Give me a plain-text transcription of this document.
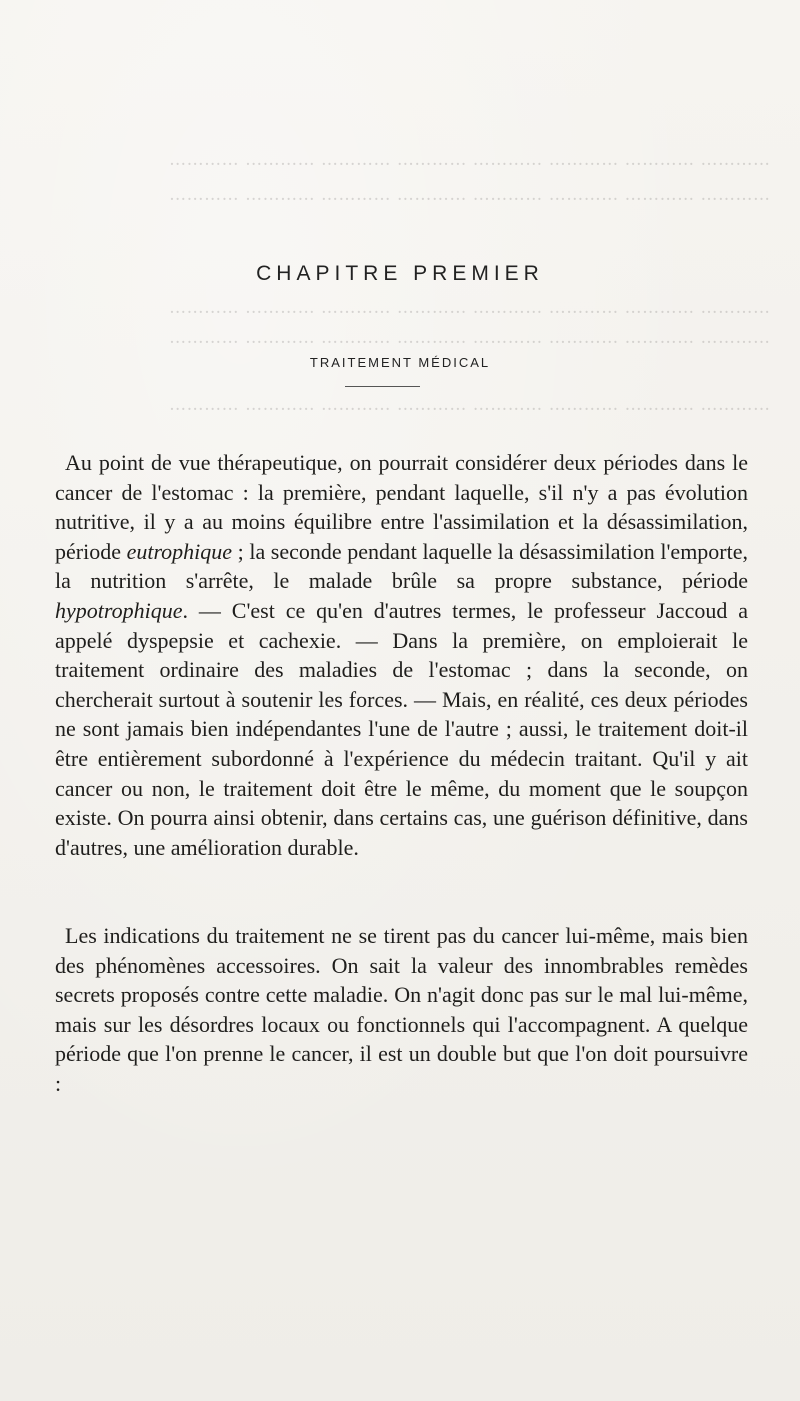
………… ………… ………… ………… ………… ………… ………… …………
………… ………… ………… ………… ………… ………… ………… …………
………… ………… ………… ………… ………… ………… ………… …………
………… ………… ………… ………… ………… ………… ………… …………
………… ………… ………… ………… ………… ………… ………… …………
CHAPITRE PREMIER
TRAITEMENT MÉDICAL

Au point de vue thérapeutique, on pourrait considérer deux périodes dans le cancer de l'estomac : la première, pendant laquelle, s'il n'y a pas évolution nutritive, il y a au moins équilibre entre l'assimilation et la désassimilation, période eutrophique ; la seconde pendant laquelle la désassimilation l'emporte, la nutrition s'arrête, le malade brûle sa propre substance, période hypotrophique. — C'est ce qu'en d'autres termes, le professeur Jaccoud a appelé dyspepsie et cachexie. — Dans la première, on emploierait le traitement ordinaire des maladies de l'estomac ; dans la seconde, on chercherait surtout à soutenir les forces. — Mais, en réalité, ces deux périodes ne sont jamais bien indépendantes l'une de l'autre ; aussi, le traitement doit-il être entièrement subordonné à l'expérience du médecin traitant. Qu'il y ait cancer ou non, le traitement doit être le même, du moment que le soupçon existe. On pourra ainsi obtenir, dans certains cas, une guérison définitive, dans d'autres, une amélioration durable.

Les indications du traitement ne se tirent pas du cancer lui-même, mais bien des phénomènes accessoires. On sait la valeur des innombrables remèdes secrets proposés contre cette maladie. On n'agit donc pas sur le mal lui-même, mais sur les désordres locaux ou fonctionnels qui l'accompagnent. A quelque période que l'on prenne le cancer, il est un double but que l'on doit poursuivre :
